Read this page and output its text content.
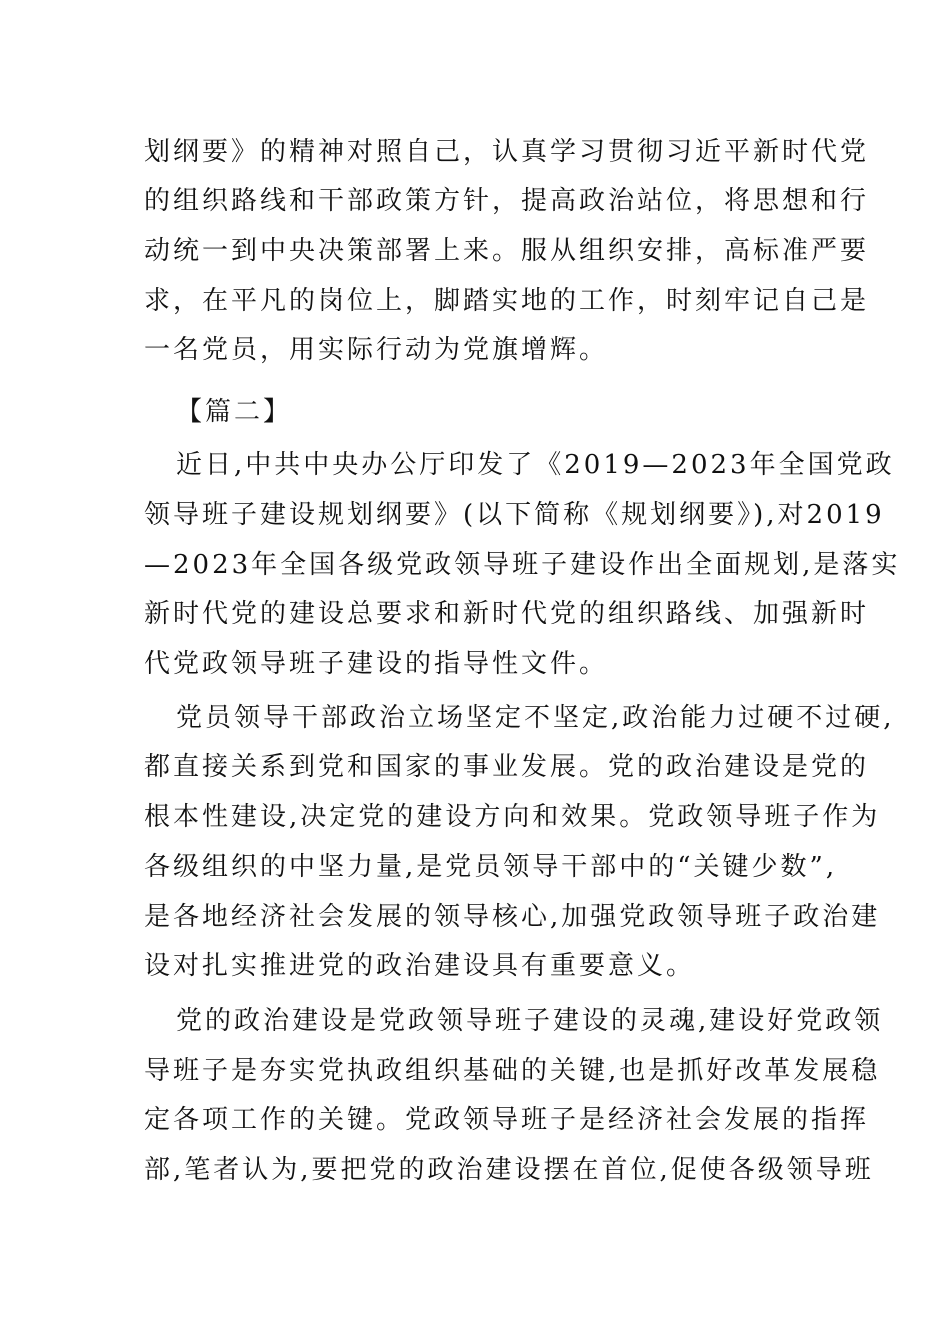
划纲要》的精神对照自己，认真学习贯彻习近平新时代党
的组织路线和干部政策方针，提高政治站位，将思想和行
动统一到中央决策部署上来。服从组织安排，高标准严要
求，在平凡的岗位上，脚踏实地的工作，时刻牢记自己是
一名党员，用实际行动为党旗增辉。
【篇二】
近日,中共中央办公厅印发了《2019—2023年全国党政
领导班子建设规划纲要》(以下简称《规划纲要》),对2019
—2023年全国各级党政领导班子建设作出全面规划,是落实
新时代党的建设总要求和新时代党的组织路线、加强新时
代党政领导班子建设的指导性文件。
党员领导干部政治立场坚定不坚定,政治能力过硬不过硬,
都直接关系到党和国家的事业发展。党的政治建设是党的
根本性建设,决定党的建设方向和效果。党政领导班子作为
各级组织的中坚力量,是党员领导干部中的“关键少数”,
是各地经济社会发展的领导核心,加强党政领导班子政治建
设对扎实推进党的政治建设具有重要意义。
党的政治建设是党政领导班子建设的灵魂,建设好党政领
导班子是夯实党执政组织基础的关键,也是抓好改革发展稳
定各项工作的关键。党政领导班子是经济社会发展的指挥
部,笔者认为,要把党的政治建设摆在首位,促使各级领导班
